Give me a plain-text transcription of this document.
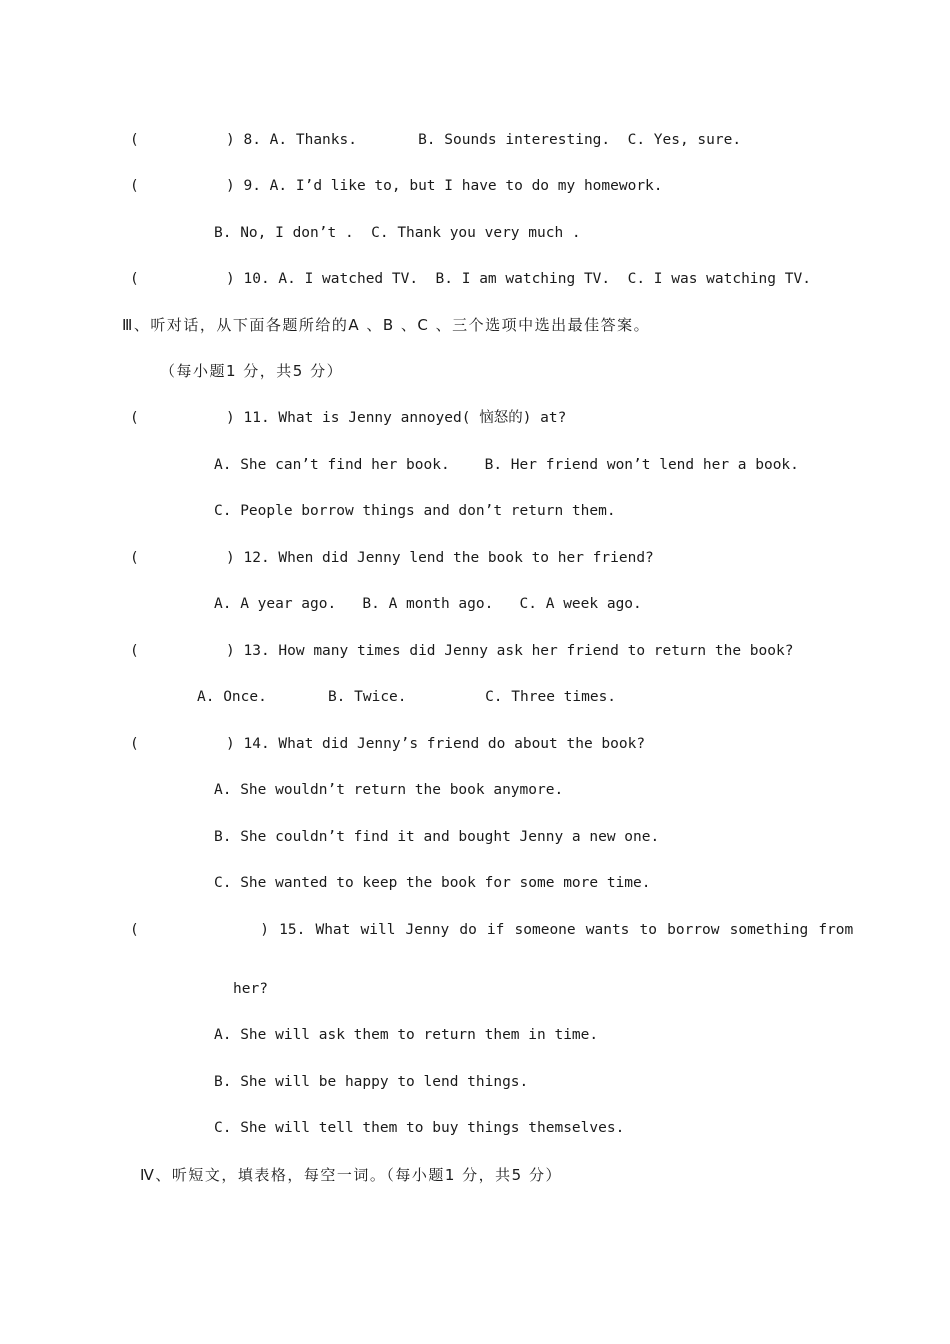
(          ) 8. A. Thanks.       B. Sounds interesting.  C. Yes, sure.
(          ) 9. A. I’d like to, but I have to do my homework.
B. No, I don’t .  C. Thank you very much .
(          ) 10. A. I watched TV.  B. I am watching TV.  C. I was watching TV.
Ⅲ、听对话，从下面各题所给的A 、B 、C 、三个选项中选出最佳答案。
（每小题1 分，共5 分）
(          ) 11. What is Jenny annoyed( 恼怒的) at?
A. She can’t find her book.    B. Her friend won’t lend her a book.
C. People borrow things and don’t return them.
(          ) 12. When did Jenny lend the book to her friend?
A. A year ago.   B. A month ago.   C. A week ago.
(          ) 13. How many times did Jenny ask her friend to return the book?
A. Once.       B. Twice.         C. Three times.
(          ) 14. What did Jenny’s friend do about the book?
A. She wouldn’t return the book anymore.
B. She couldn’t find it and bought Jenny a new one.
C. She wanted to keep the book for some more time.
(            ) 15. What will Jenny do if someone wants to borrow something from
her?
A. She will ask them to return them in time.
B. She will be happy to lend things.
C. She will tell them to buy things themselves.
Ⅳ、听短文，填表格，每空一词。（每小题1 分，共5 分）
